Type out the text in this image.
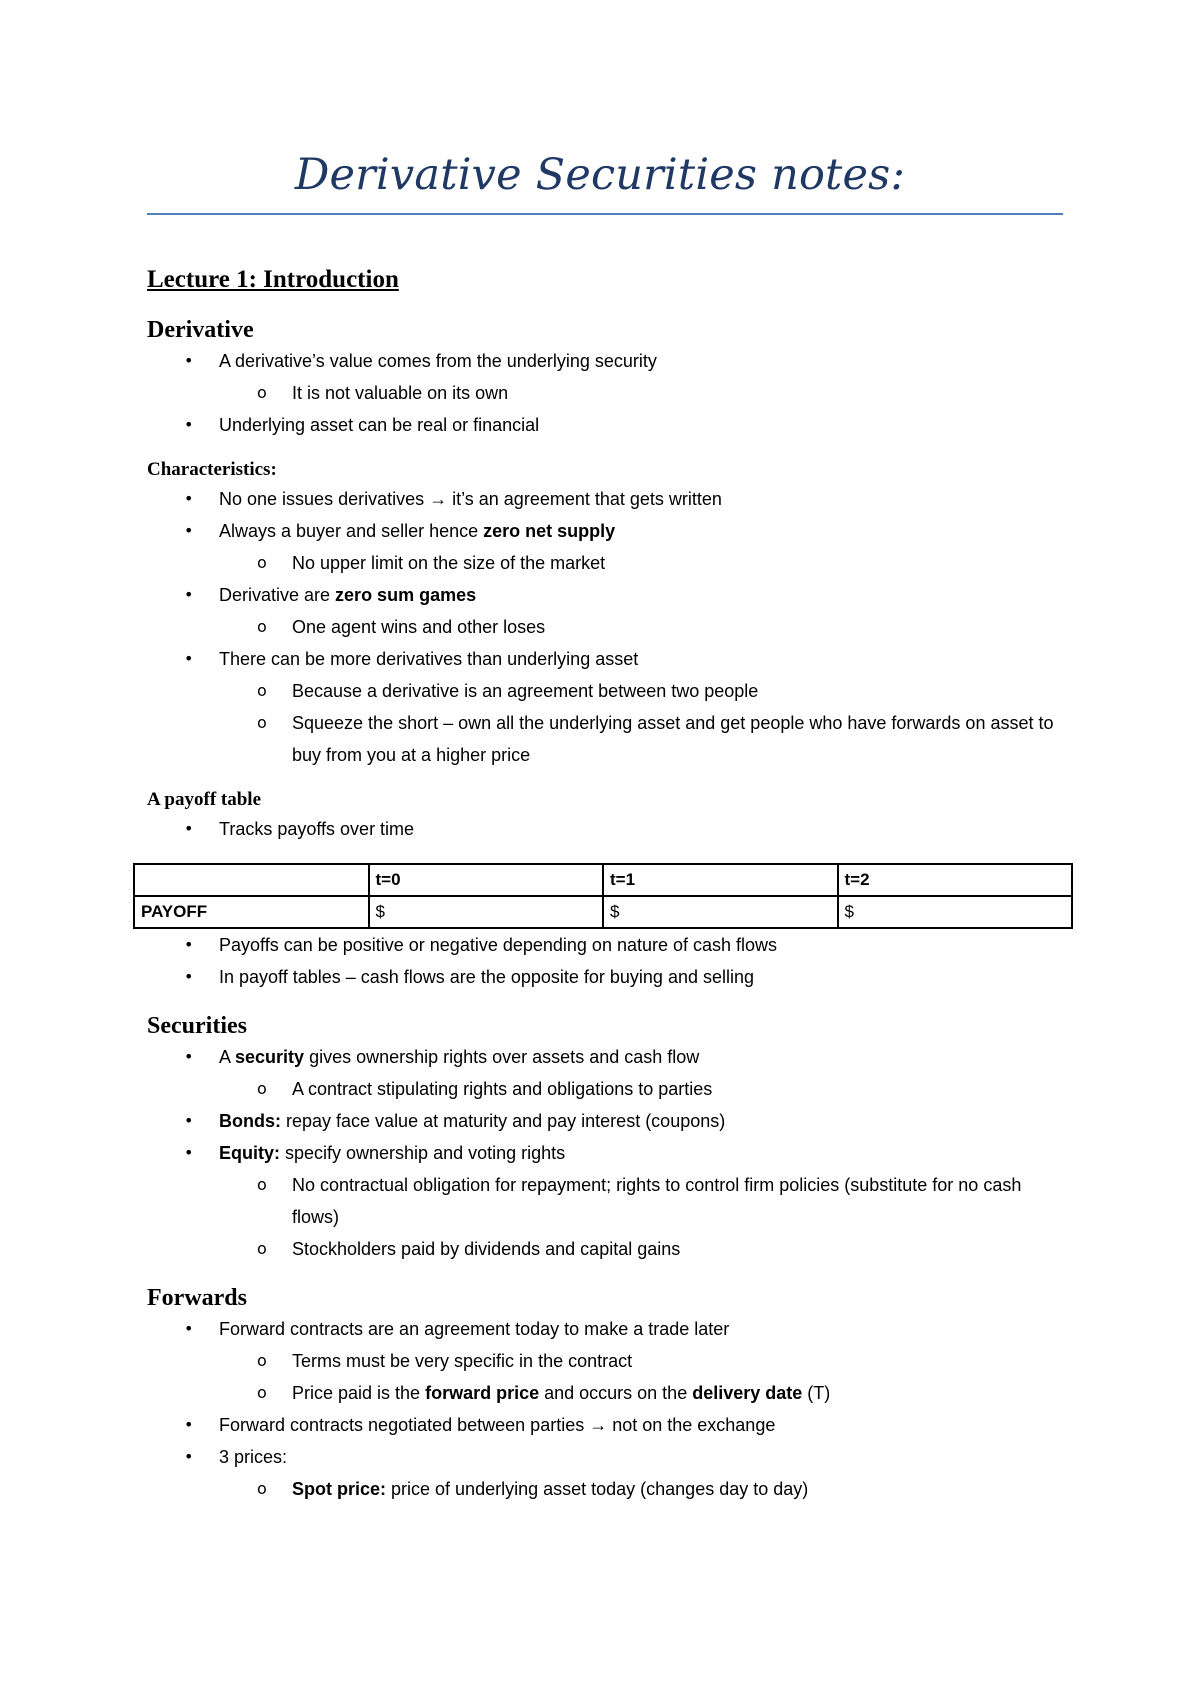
Derivative Securities notes:
Lecture 1: Introduction
Derivative
• A derivative’s value comes from the underlying security
o It is not valuable on its own
• Underlying asset can be real or financial
Characteristics:
• No one issues derivatives → it’s an agreement that gets written
• Always a buyer and seller hence zero net supply
o No upper limit on the size of the market
• Derivative are zero sum games
o One agent wins and other loses
• There can be more derivatives than underlying asset
o Because a derivative is an agreement between two people
o Squeeze the short – own all the underlying asset and get people who have forwards on asset to buy from you at a higher price
A payoff table
• Tracks payoffs over time
	t=0	t=1	t=2
PAYOFF	$	$	$
• Payoffs can be positive or negative depending on nature of cash flows
• In payoff tables – cash flows are the opposite for buying and selling
Securities
• A security gives ownership rights over assets and cash flow
o A contract stipulating rights and obligations to parties
• Bonds: repay face value at maturity and pay interest (coupons)
• Equity: specify ownership and voting rights
o No contractual obligation for repayment; rights to control firm policies (substitute for no cash flows)
o Stockholders paid by dividends and capital gains
Forwards
• Forward contracts are an agreement today to make a trade later
o Terms must be very specific in the contract
o Price paid is the forward price and occurs on the delivery date (T)
• Forward contracts negotiated between parties → not on the exchange
• 3 prices:
o Spot price: price of underlying asset today (changes day to day)
